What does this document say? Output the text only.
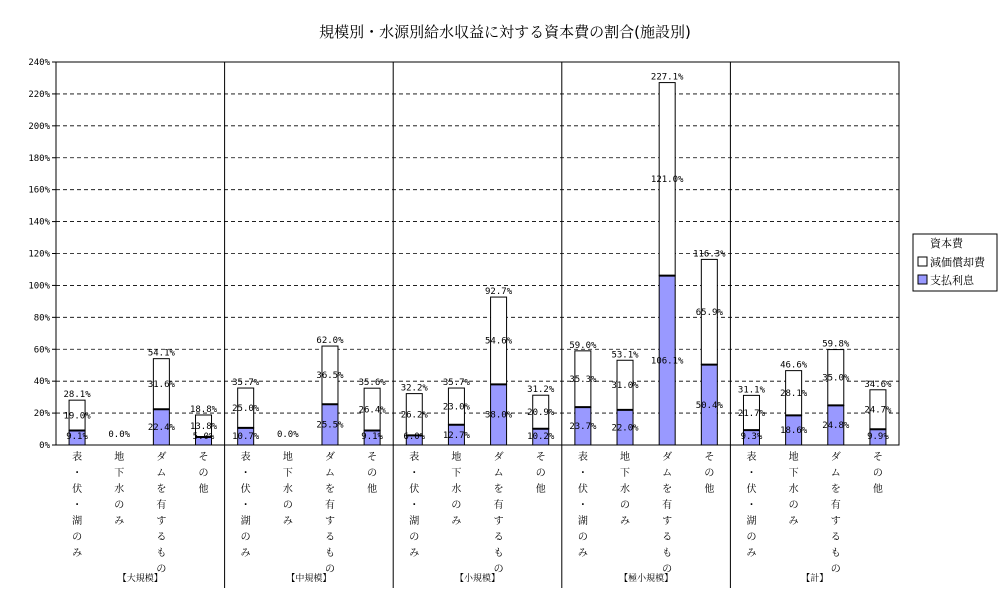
規模別・水源別給水収益に対する資本費の割合(施設別)
0%
20%
40%
60%
80%
100%
120%
140%
160%
180%
200%
220%
240%
28.1%
19.0%
9.1% 0.0%
54.1%
31.6%
22.4%
18.8%
13.8%
5.0%
35.7%
25.0%
10.7% 0.0%
62.0%
36.5%
25.5%
35.6%
26.4%
9.1%
32.2%
26.2%
6.0%
35.7%
23.0%
12.7%
92.7%
54.6%
38.0%
31.2%
20.9%
10.2%
59.0%
35.3%
23.7%
53.1%
31.0%
22.0%
227.1%
121.0%
106.1%
116.3%
65.9%
50.4%
31.1%
21.7%
9.3%
46.6%
28.1%
18.6%
59.8%
35.0%
24.8%
34.6%
24.7%
9.9%
【大規模】
表
・
伏
・
湖
の
み
地
下
水
の
み
ダ
ム
を
有
す
る
も
の
そ
の
他
【中規模】
表
・
伏
・
湖
の
み
地
下
水
の
み
ダ
ム
を
有
す
る
も
の
そ
の
他
【小規模】
表
・
伏
・
湖
の
み
地
下
水
の
み
ダ
ム
を
有
す
る
も
の
そ
の
他
【極小規模】
表
・
伏
・
湖
の
み
地
下
水
の
み
ダ
ム
を
有
す
る
も
の
そ
の
他
【計】
表
・
伏
・
湖
の
み
地
下
水
の
み
ダ
ム
を
有
す
る
も
の
そ
の
他
資本費
減価償却費
支払利息
